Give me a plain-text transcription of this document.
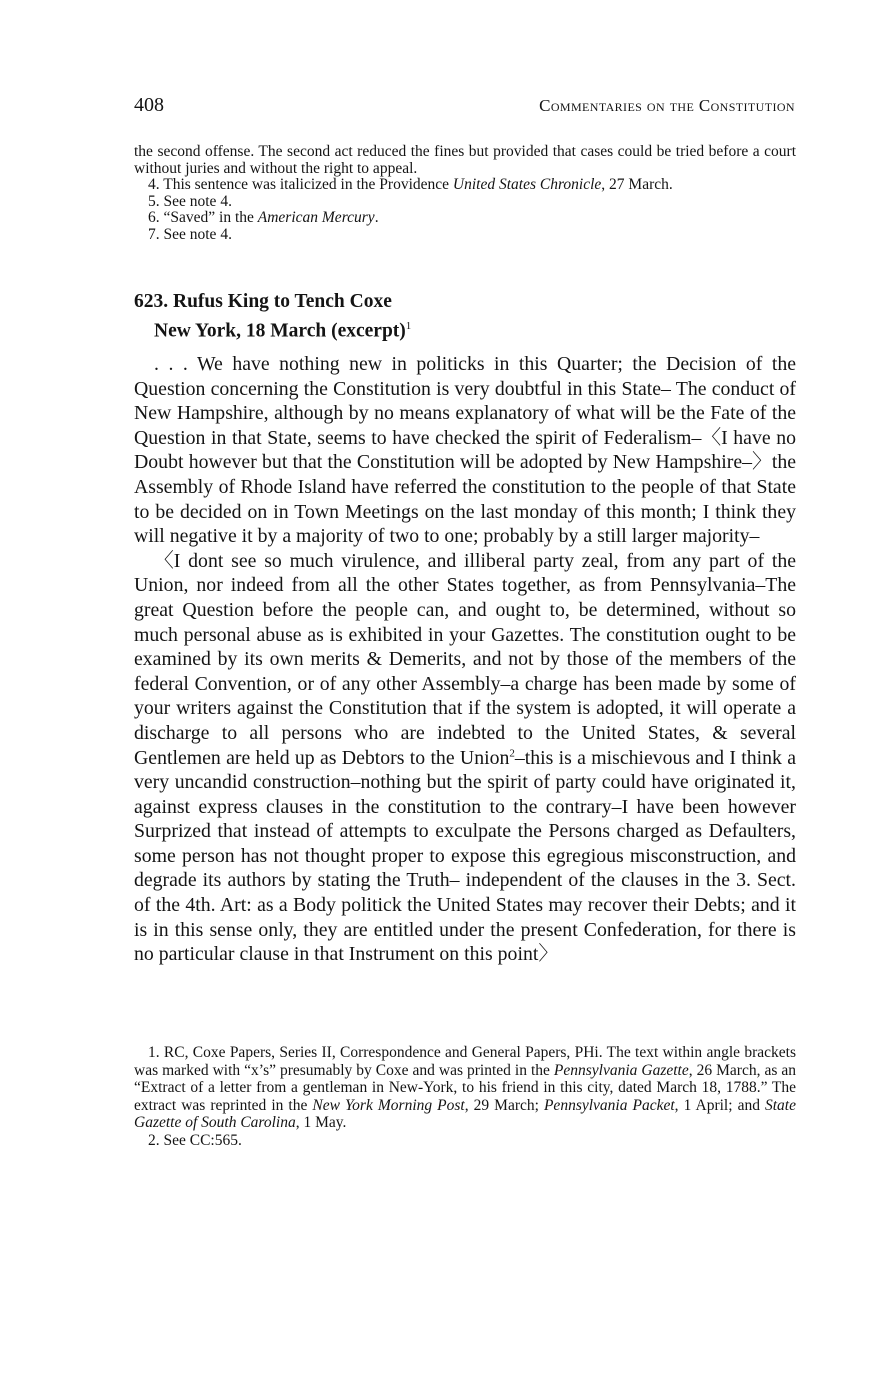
408	Commentaries on the Constitution

the second offense. The second act reduced the fines but provided that cases could be tried before a court without juries and without the right to appeal.

4. This sentence was italicized in the Providence United States Chronicle, 27 March.

5. See note 4.

6. “Saved” in the American Mercury.

7. See note 4.

623. Rufus King to Tench Coxe
New York, 18 March (excerpt)$^1$

. . . We have nothing new in politicks in this Quarter; the Decision of the Question concerning the Constitution is very doubtful in this State– The conduct of New Hampshire, although by no means explanatory of what will be the Fate of the Question in that State, seems to have checked the spirit of Federalism–〈I have no Doubt however but that the Constitution will be adopted by New Hampshire–〉the Assembly of Rhode Island have referred the constitution to the people of that State to be decided on in Town Meetings on the last monday of this month; I think they will negative it by a majority of two to one; probably by a still larger majority–

〈I dont see so much virulence, and illiberal party zeal, from any part of the Union, nor indeed from all the other States together, as from Pennsylvania–The great Question before the people can, and ought to, be determined, without so much personal abuse as is exhibited in your Gazettes. The constitution ought to be examined by its own merits & Demerits, and not by those of the members of the federal Convention, or of any other Assembly–a charge has been made by some of your writers against the Constitution that if the system is adopted, it will operate a discharge to all persons who are indebted to the United States, & several Gentlemen are held up as Debtors to the Union$^2$–this is a mischievous and I think a very uncandid construction–nothing but the spirit of party could have originated it, against express clauses in the constitution to the contrary–I have been however Surprized that instead of attempts to exculpate the Persons charged as Defaulters, some person has not thought proper to expose this egregious misconstruction, and degrade its authors by stating the Truth– independent of the clauses in the 3. Sect. of the 4th. Art: as a Body politick the United States may recover their Debts; and it is in this sense only, they are entitled under the present Confederation, for there is no particular clause in that Instrument on this point〉

1. RC, Coxe Papers, Series II, Correspondence and General Papers, PHi. The text within angle brackets was marked with “x’s” presumably by Coxe and was printed in the Pennsylvania Gazette, 26 March, as an “Extract of a letter from a gentleman in New-York, to his friend in this city, dated March 18, 1788.” The extract was reprinted in the New York Morning Post, 29 March; Pennsylvania Packet, 1 April; and State Gazette of South Carolina, 1 May.

2. See CC:565.
